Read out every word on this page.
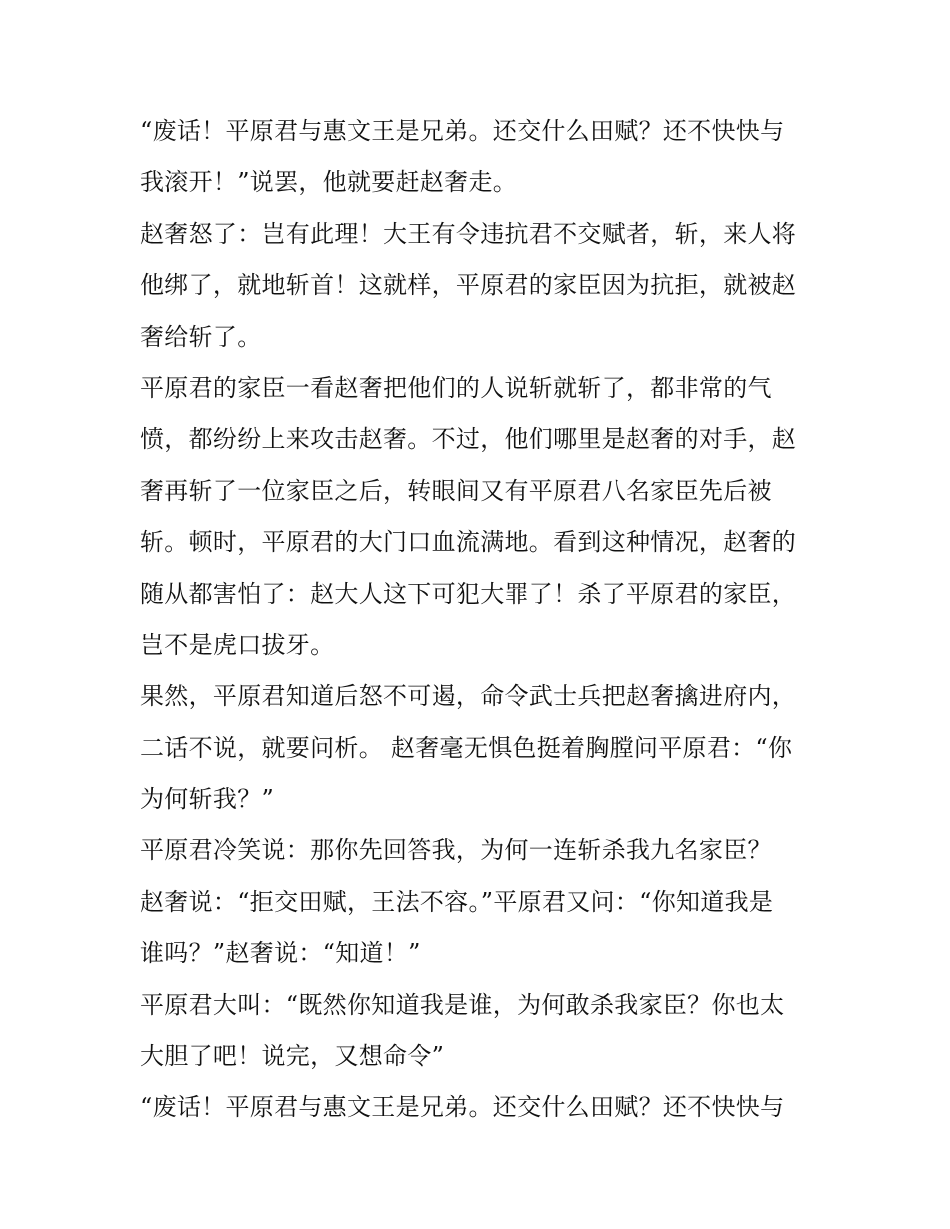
“废话！平原君与惠文王是兄弟。还交什么田赋？还不快快与
我滚开！”说罢，他就要赶赵奢走。
赵奢怒了：岂有此理！大王有令违抗君不交赋者，斩，来人将
他绑了，就地斩首！这就样，平原君的家臣因为抗拒，就被赵
奢给斩了。
平原君的家臣一看赵奢把他们的人说斩就斩了，都非常的气
愤，都纷纷上来攻击赵奢。不过，他们哪里是赵奢的对手，赵
奢再斩了一位家臣之后，转眼间又有平原君八名家臣先后被
斩。顿时，平原君的大门口血流满地。看到这种情况，赵奢的
随从都害怕了：赵大人这下可犯大罪了！杀了平原君的家臣，
岂不是虎口拔牙。
果然，平原君知道后怒不可遏，命令武士兵把赵奢擒进府内，
二话不说，就要问析。 赵奢毫无惧色挺着胸膛问平原君：“你
为何斩我？”
平原君冷笑说：那你先回答我，为何一连斩杀我九名家臣？
赵奢说：“拒交田赋，王法不容。”平原君又问：“你知道我是
谁吗？”赵奢说：“知道！”
平原君大叫：“既然你知道我是谁，为何敢杀我家臣？你也太
大胆了吧！说完，又想命令”
“废话！平原君与惠文王是兄弟。还交什么田赋？还不快快与
